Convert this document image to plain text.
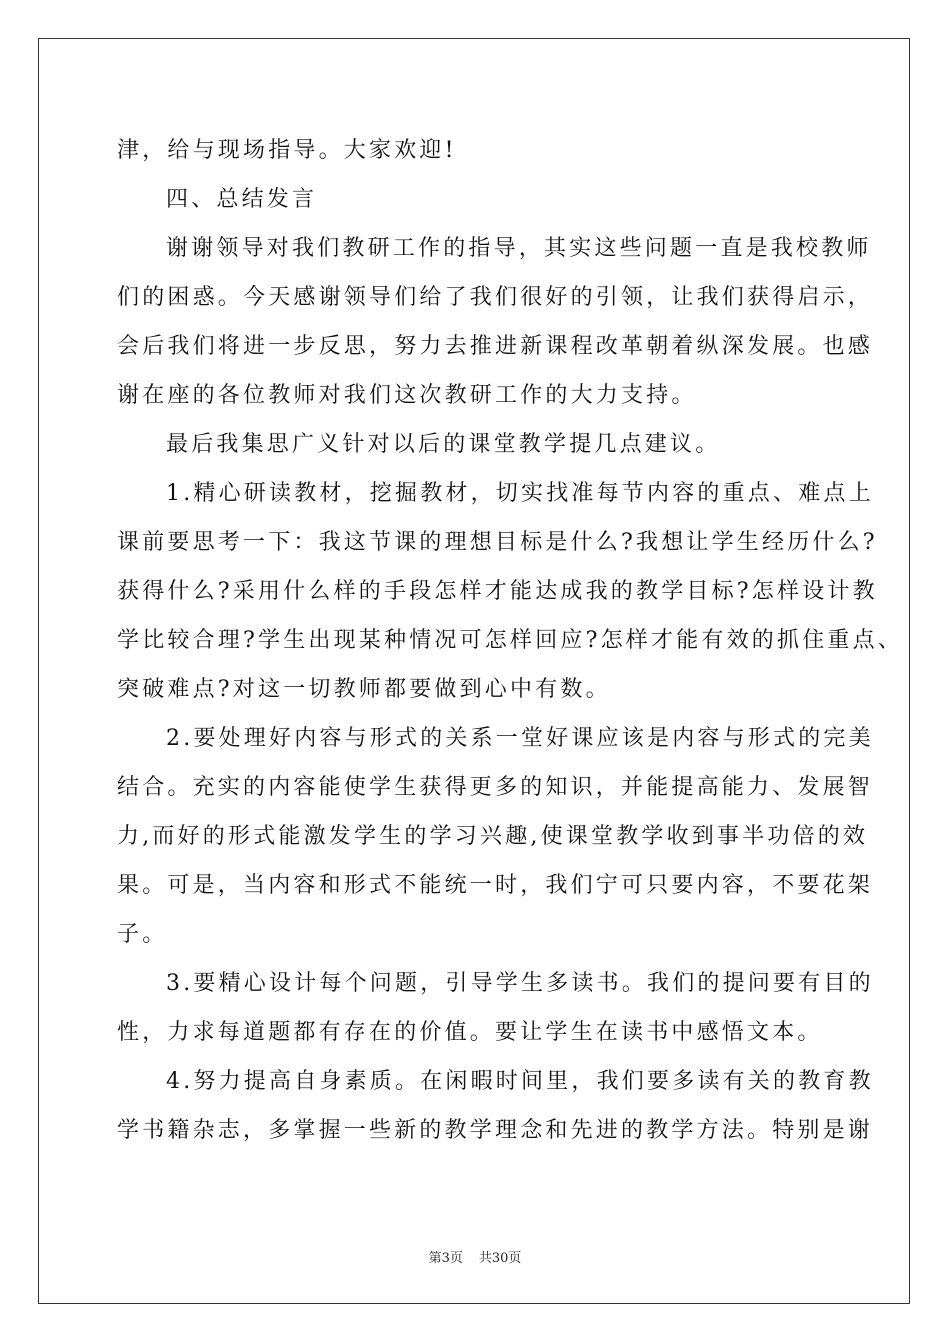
津，给与现场指导。大家欢迎!
四、总结发言
谢谢领导对我们教研工作的指导，其实这些问题一直是我校教师
们的困惑。今天感谢领导们给了我们很好的引领，让我们获得启示，
会后我们将进一步反思，努力去推进新课程改革朝着纵深发展。也感
谢在座的各位教师对我们这次教研工作的大力支持。
最后我集思广义针对以后的课堂教学提几点建议。
1.精心研读教材，挖掘教材，切实找准每节内容的重点、难点上
课前要思考一下：我这节课的理想目标是什么?我想让学生经历什么?
获得什么?采用什么样的手段怎样才能达成我的教学目标?怎样设计教
学比较合理?学生出现某种情况可怎样回应?怎样才能有效的抓住重点、
突破难点?对这一切教师都要做到心中有数。
2.要处理好内容与形式的关系一堂好课应该是内容与形式的完美
结合。充实的内容能使学生获得更多的知识，并能提高能力、发展智
力,而好的形式能激发学生的学习兴趣,使课堂教学收到事半功倍的效
果。可是，当内容和形式不能统一时，我们宁可只要内容，不要花架
子。
3.要精心设计每个问题，引导学生多读书。我们的提问要有目的
性，力求每道题都有存在的价值。要让学生在读书中感悟文本。
4.努力提高自身素质。在闲暇时间里，我们要多读有关的教育教
学书籍杂志，多掌握一些新的教学理念和先进的教学方法。特别是谢
第3页 共30页
